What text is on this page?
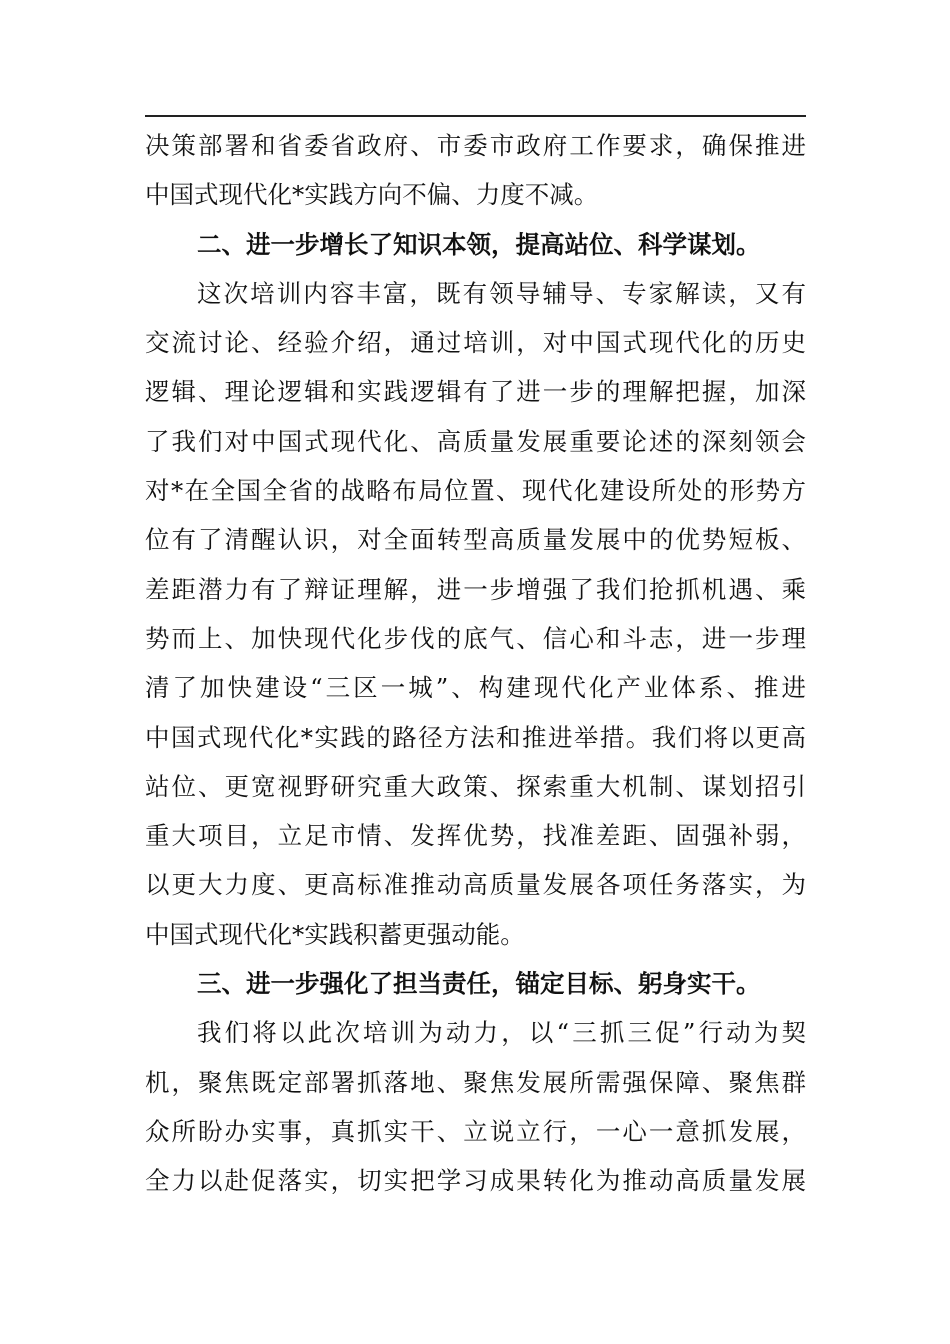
决策部署和省委省政府、市委市政府工作要求，确保推进
中国式现代化*实践方向不偏、力度不减。
二、进一步增长了知识本领，提高站位、科学谋划。
这次培训内容丰富，既有领导辅导、专家解读，又有
交流讨论、经验介绍，通过培训，对中国式现代化的历史
逻辑、理论逻辑和实践逻辑有了进一步的理解把握，加深
了我们对中国式现代化、高质量发展重要论述的深刻领会
对*在全国全省的战略布局位置、现代化建设所处的形势方
位有了清醒认识，对全面转型高质量发展中的优势短板、
差距潜力有了辩证理解，进一步增强了我们抢抓机遇、乘
势而上、加快现代化步伐的底气、信心和斗志，进一步理
清了加快建设“三区一城”、构建现代化产业体系、推进
中国式现代化*实践的路径方法和推进举措。我们将以更高
站位、更宽视野研究重大政策、探索重大机制、谋划招引
重大项目，立足市情、发挥优势，找准差距、固强补弱，
以更大力度、更高标准推动高质量发展各项任务落实，为
中国式现代化*实践积蓄更强动能。
三、进一步强化了担当责任，锚定目标、躬身实干。
我们将以此次培训为动力，以“三抓三促”行动为契
机，聚焦既定部署抓落地、聚焦发展所需强保障、聚焦群
众所盼办实事，真抓实干、立说立行，一心一意抓发展，
全力以赴促落实，切实把学习成果转化为推动高质量发展
